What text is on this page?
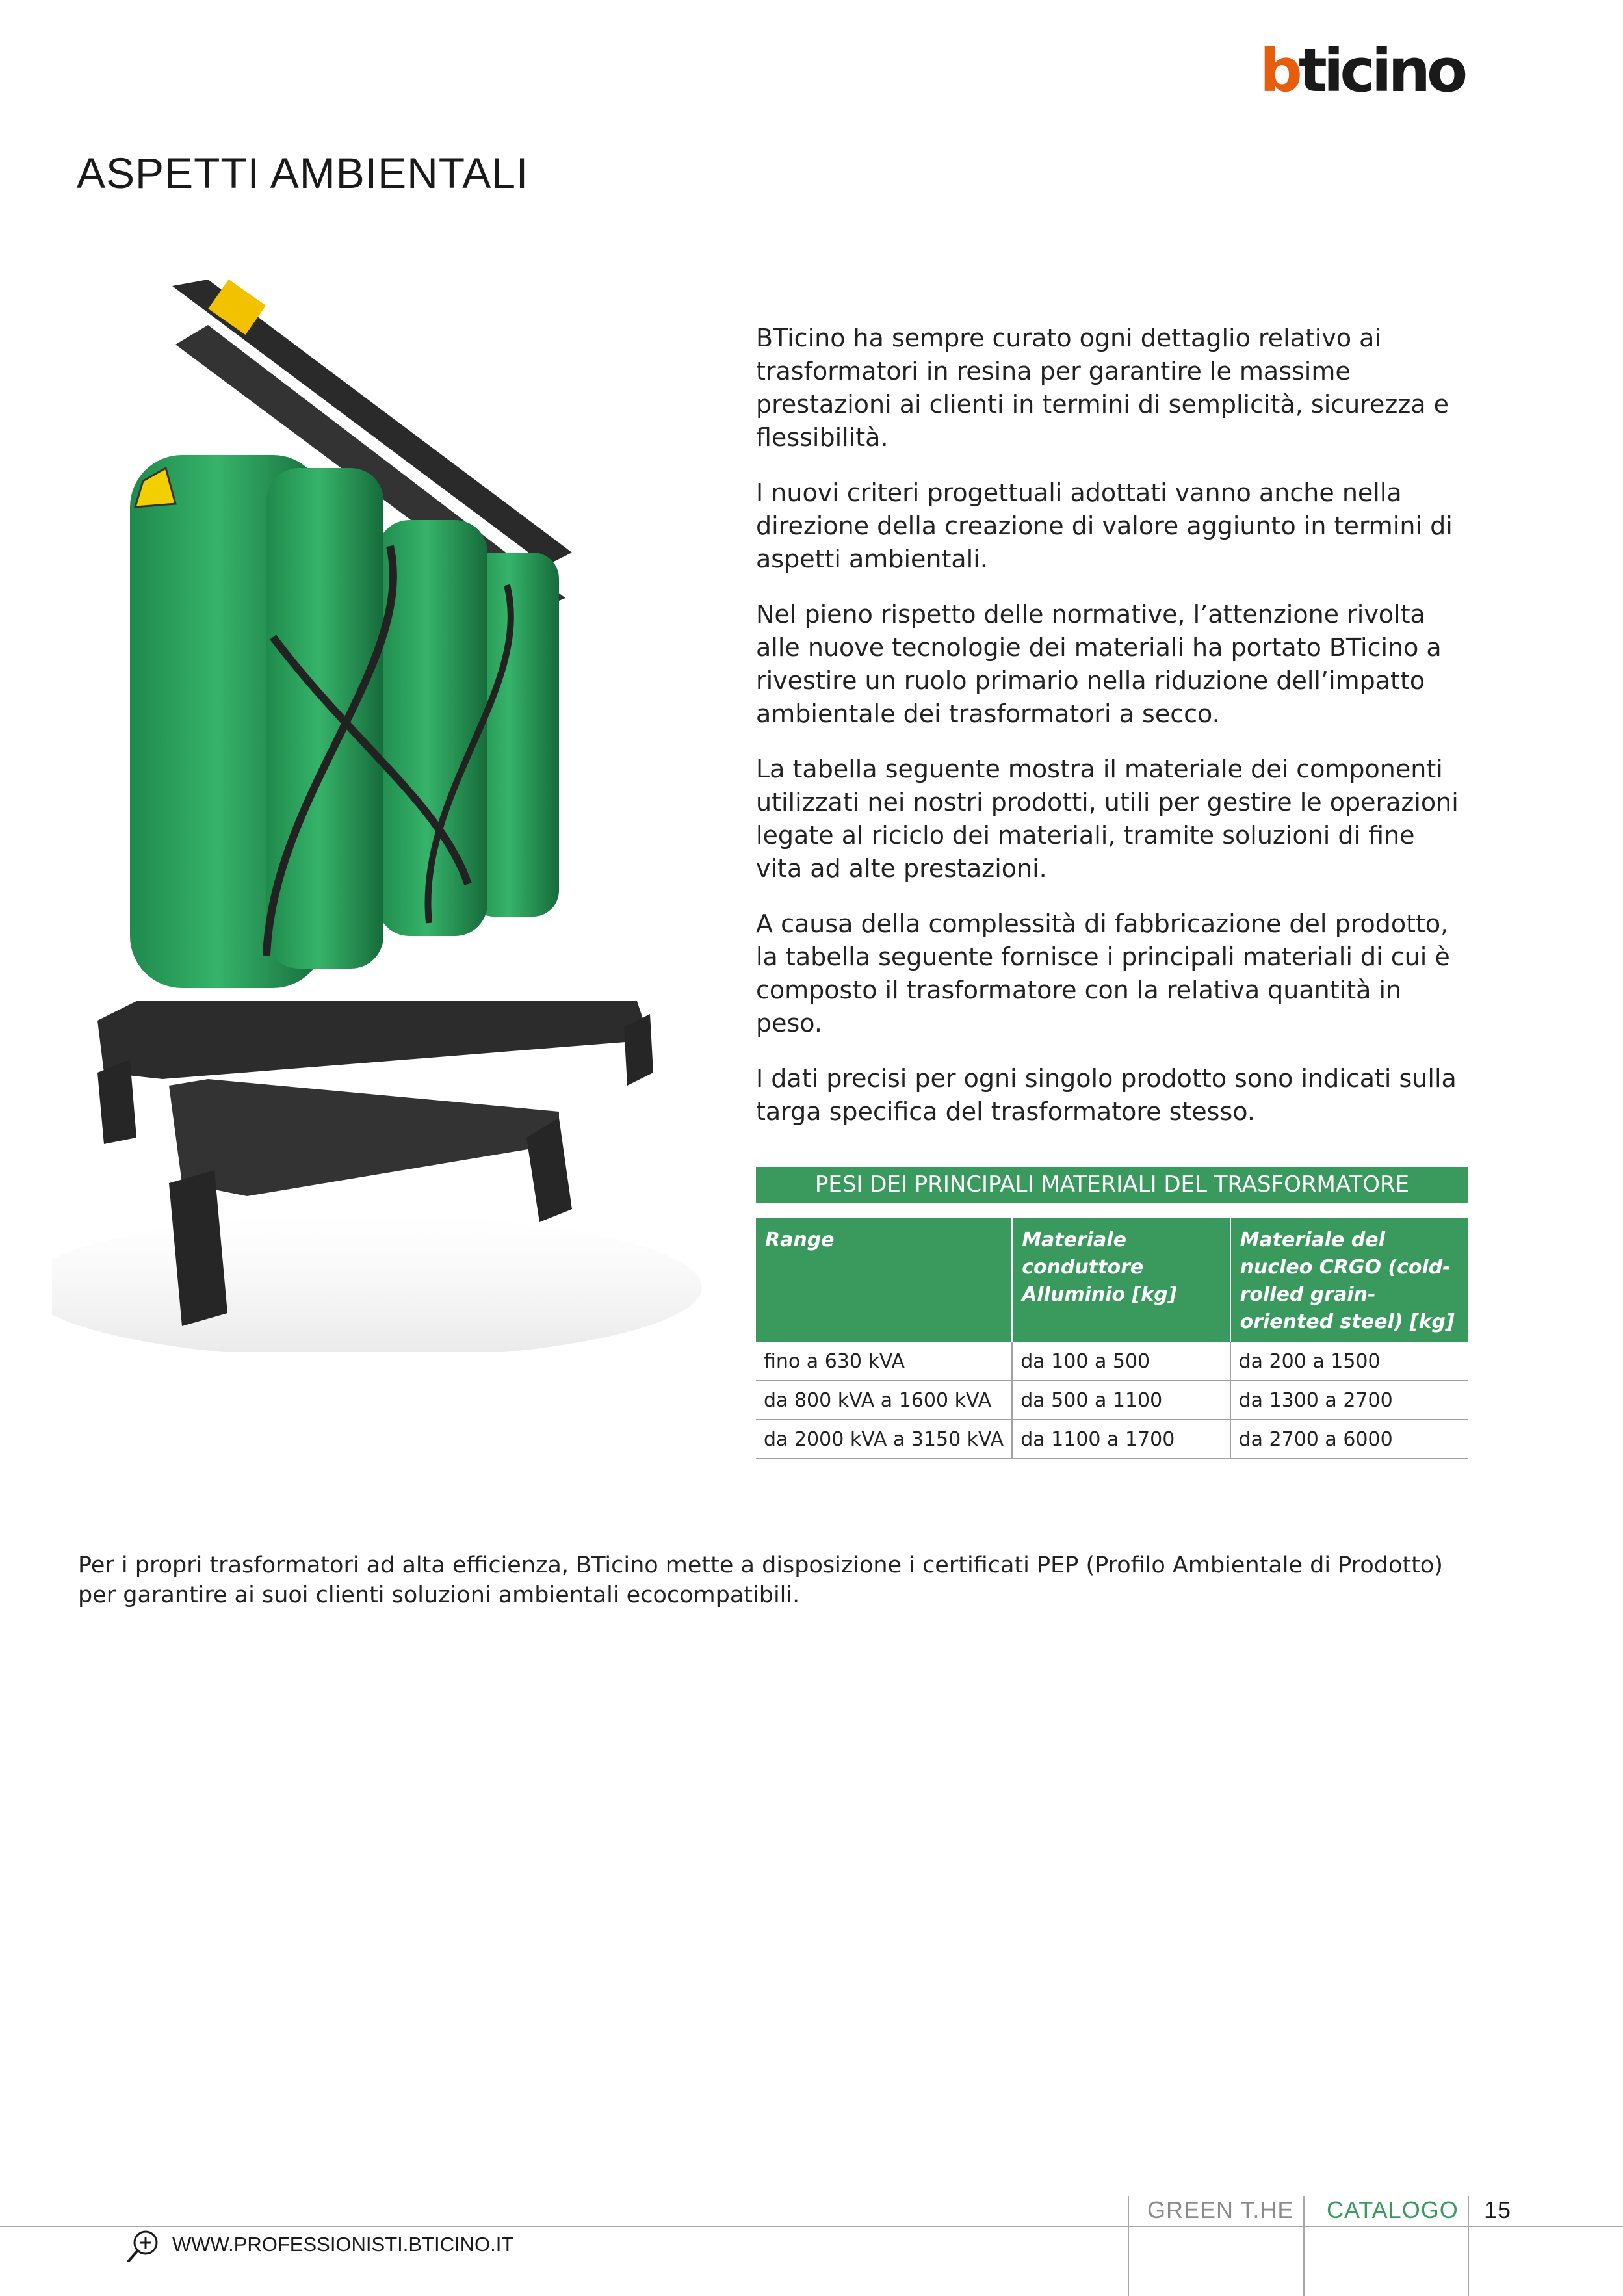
bticino
ASPETTI AMBIENTALI

BTicino ha sempre curato ogni dettaglio relativo ai trasformatori in resina per garantire le massime prestazioni ai clienti in termini di semplicità, sicurezza e flessibilità.

I nuovi criteri progettuali adottati vanno anche nella direzione della creazione di valore aggiunto in termini di aspetti ambientali.

Nel pieno rispetto delle normative, l’attenzione rivolta alle nuove tecnologie dei materiali ha portato BTicino a rivestire un ruolo primario nella riduzione dell’impatto ambientale dei trasformatori a secco.

La tabella seguente mostra il materiale dei componenti utilizzati nei nostri prodotti, utili per gestire le operazioni legate al riciclo dei materiali, tramite soluzioni di fine vita ad alte prestazioni.

A causa della complessità di fabbricazione del prodotto, la tabella seguente fornisce i principali materiali di cui è composto il trasformatore con la relativa quantità in peso.

I dati precisi per ogni singolo prodotto sono indicati sulla targa specifica del trasformatore stesso.

PESI DEI PRINCIPALI MATERIALI DEL TRASFORMATORE
Range	Materiale conduttore Alluminio [kg]	Materiale del nucleo CRGO (cold-rolled grain-oriented steel) [kg]
fino a 630 kVA	da 100 a 500	da 200 a 1500
da 800 kVA a 1600 kVA	da 500 a 1100	da 1300 a 2700
da 2000 kVA a 3150 kVA	da 1100 a 1700	da 2700 a 6000

Per i propri trasformatori ad alta efficienza, BTicino mette a disposizione i certificati PEP (Profilo Ambientale di Prodotto) per garantire ai suoi clienti soluzioni ambientali ecocompatibili.

GREEN T.HE CATALOGO 15
WWW.PROFESSIONISTI.BTICINO.IT
